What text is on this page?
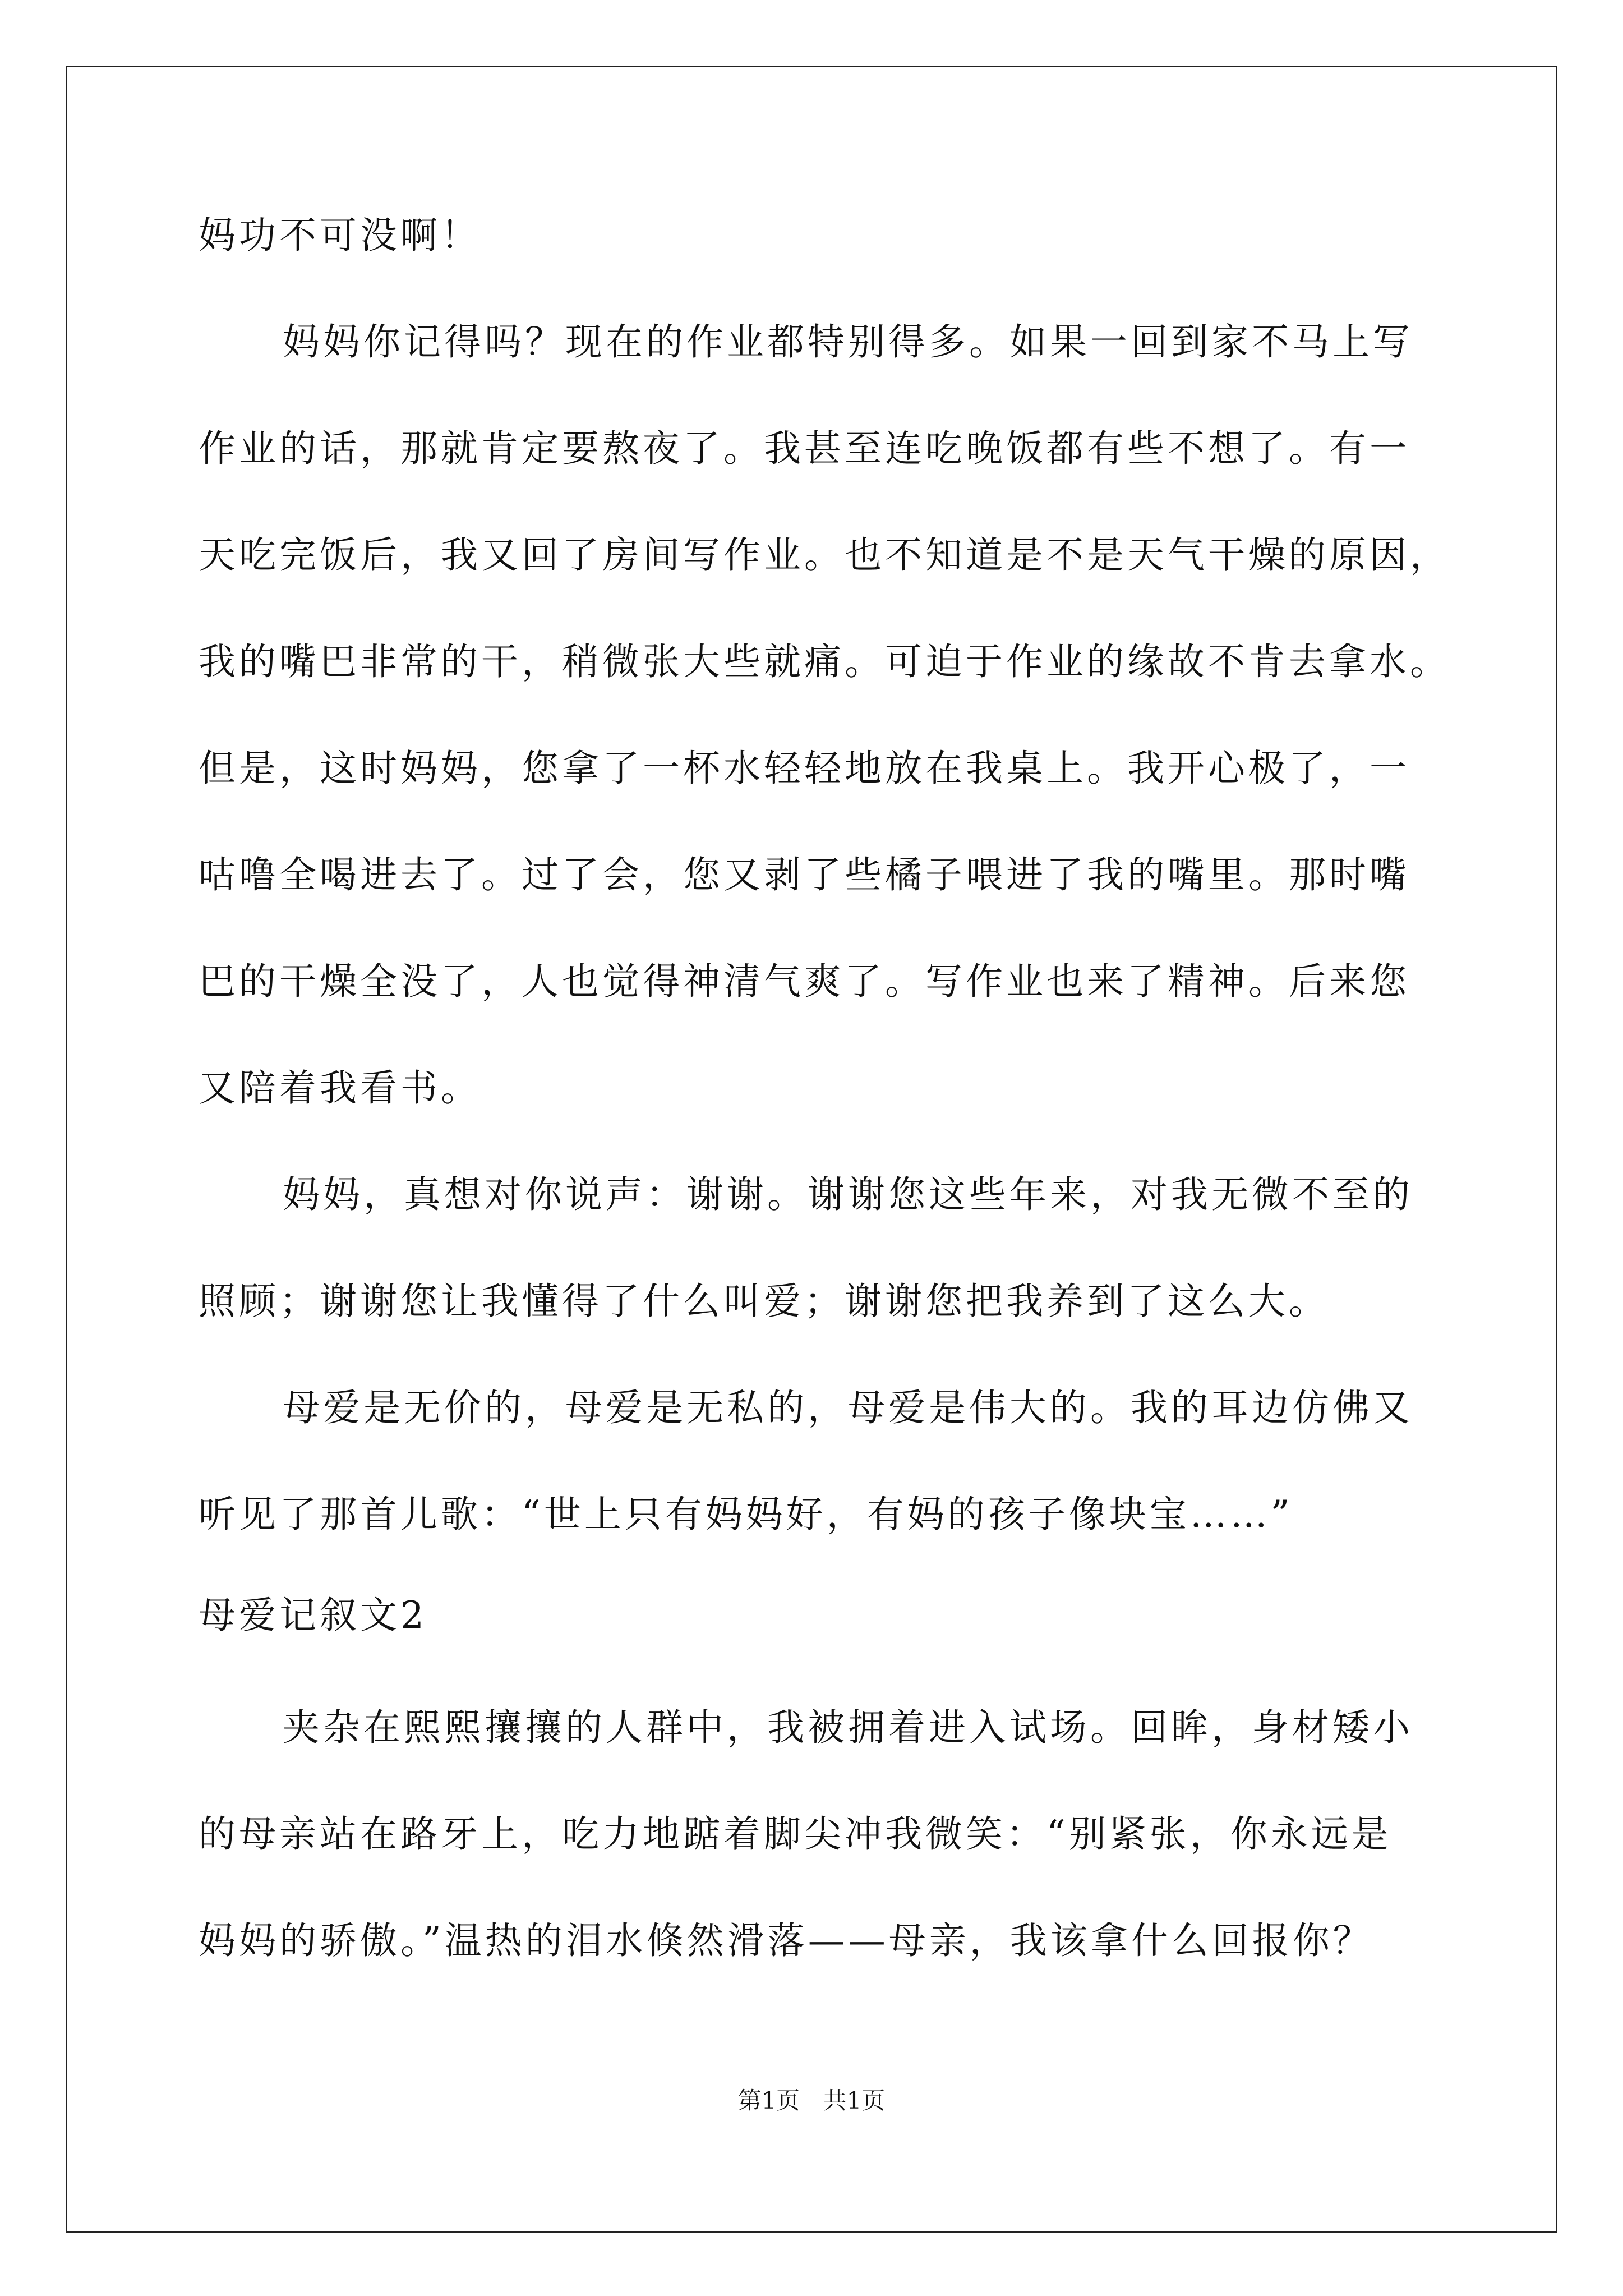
妈功不可没啊！
妈妈你记得吗？现在的作业都特别得多。如果一回到家不马上写
作业的话，那就肯定要熬夜了。我甚至连吃晚饭都有些不想了。有一
天吃完饭后，我又回了房间写作业。也不知道是不是天气干燥的原因，
我的嘴巴非常的干，稍微张大些就痛。可迫于作业的缘故不肯去拿水。
但是，这时妈妈，您拿了一杯水轻轻地放在我桌上。我开心极了，一
咕噜全喝进去了。过了会，您又剥了些橘子喂进了我的嘴里。那时嘴
巴的干燥全没了，人也觉得神清气爽了。写作业也来了精神。后来您
又陪着我看书。
妈妈，真想对你说声：谢谢。谢谢您这些年来，对我无微不至的
照顾；谢谢您让我懂得了什么叫爱；谢谢您把我养到了这么大。
母爱是无价的，母爱是无私的，母爱是伟大的。我的耳边仿佛又
听见了那首儿歌：“世上只有妈妈好，有妈的孩子像块宝……”
母爱记叙文2
夹杂在熙熙攘攘的人群中，我被拥着进入试场。回眸，身材矮小
的母亲站在路牙上，吃力地踮着脚尖冲我微笑：“别紧张，你永远是
妈妈的骄傲。”温热的泪水倏然滑落——母亲，我该拿什么回报你？
第1页 共1页
